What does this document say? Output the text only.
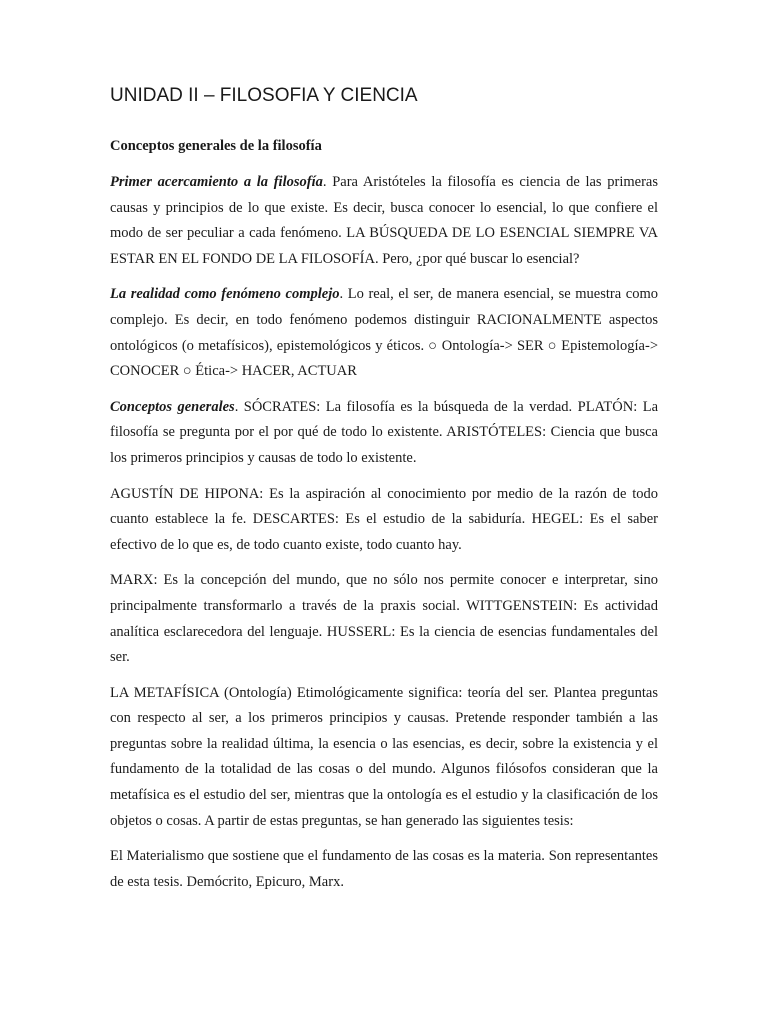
UNIDAD II – FILOSOFIA Y CIENCIA
Conceptos generales de la filosofía

Primer acercamiento a la filosofía. Para Aristóteles la filosofía es ciencia de las primeras causas y principios de lo que existe. Es decir, busca conocer lo esencial, lo que confiere el modo de ser peculiar a cada fenómeno. LA BÚSQUEDA DE LO ESENCIAL SIEMPRE VA ESTAR EN EL FONDO DE LA FILOSOFÍA. Pero, ¿por qué buscar lo esencial?

La realidad como fenómeno complejo. Lo real, el ser, de manera esencial, se muestra como complejo. Es decir, en todo fenómeno podemos distinguir RACIONALMENTE aspectos ontológicos (o metafísicos), epistemológicos y éticos. ○ Ontología-> SER ○ Epistemología-> CONOCER ○ Ética-> HACER, ACTUAR

Conceptos generales. SÓCRATES: La filosofía es la búsqueda de la verdad. PLATÓN: La filosofía se pregunta por el por qué de todo lo existente. ARISTÓTELES: Ciencia que busca los primeros principios y causas de todo lo existente.

AGUSTÍN DE HIPONA: Es la aspiración al conocimiento por medio de la razón de todo cuanto establece la fe. DESCARTES: Es el estudio de la sabiduría. HEGEL: Es el saber efectivo de lo que es, de todo cuanto existe, todo cuanto hay.

MARX: Es la concepción del mundo, que no sólo nos permite conocer e interpretar, sino principalmente transformarlo a través de la praxis social. WITTGENSTEIN: Es actividad analítica esclarecedora del lenguaje. HUSSERL: Es la ciencia de esencias fundamentales del ser.

LA METAFÍSICA (Ontología) Etimológicamente significa: teoría del ser. Plantea preguntas con respecto al ser, a los primeros principios y causas. Pretende responder también a las preguntas sobre la realidad última, la esencia o las esencias, es decir, sobre la existencia y el fundamento de la totalidad de las cosas o del mundo. Algunos filósofos consideran que la metafísica es el estudio del ser, mientras que la ontología es el estudio y la clasificación de los objetos o cosas. A partir de estas preguntas, se han generado las siguientes tesis:

El Materialismo que sostiene que el fundamento de las cosas es la materia. Son representantes de esta tesis. Demócrito, Epicuro, Marx.
